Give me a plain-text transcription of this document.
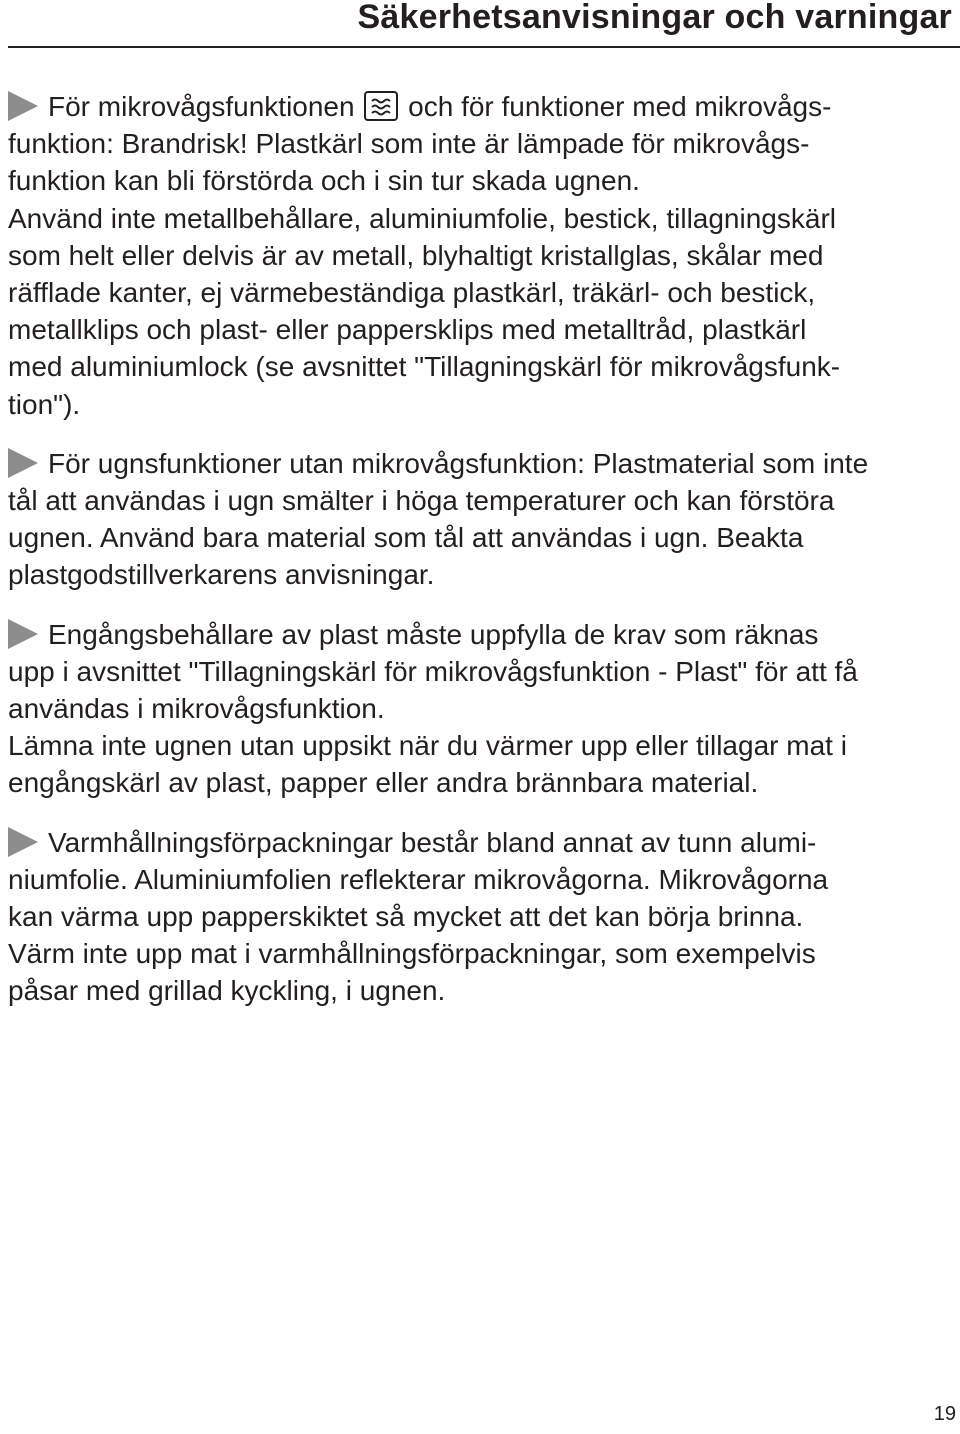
Säkerhetsanvisningar och varningar
För mikrovågsfunktionen
och för funktioner med mikrovågs-
funktion: Brandrisk! Plastkärl som inte är lämpade för mikrovågs-
funktion kan bli förstörda och i sin tur skada ugnen.
Använd inte metallbehållare, aluminiumfolie, bestick, tillagningskärl
som helt eller delvis är av metall, blyhaltigt kristallglas, skålar med
räfflade kanter, ej värmebeständiga plastkärl, träkärl- och bestick,
metallklips och plast- eller pappersklips med metalltråd, plastkärl
med aluminiumlock (se avsnittet "Tillagningskärl för mikrovågsfunk-
tion").
För ugnsfunktioner utan mikrovågsfunktion: Plastmaterial som inte
tål att användas i ugn smälter i höga temperaturer och kan förstöra
ugnen. Använd bara material som tål att användas i ugn. Beakta
plastgodstillverkarens anvisningar.
Engångsbehållare av plast måste uppfylla de krav som räknas
upp i avsnittet "Tillagningskärl för mikrovågsfunktion - Plast" för att få
användas i mikrovågsfunktion.
Lämna inte ugnen utan uppsikt när du värmer upp eller tillagar mat i
engångskärl av plast, papper eller andra brännbara material.
Varmhållningsförpackningar består bland annat av tunn alumi-
niumfolie. Aluminiumfolien reflekterar mikrovågorna. Mikrovågorna
kan värma upp papperskiktet så mycket att det kan börja brinna.
Värm inte upp mat i varmhållningsförpackningar, som exempelvis
påsar med grillad kyckling, i ugnen.
19
